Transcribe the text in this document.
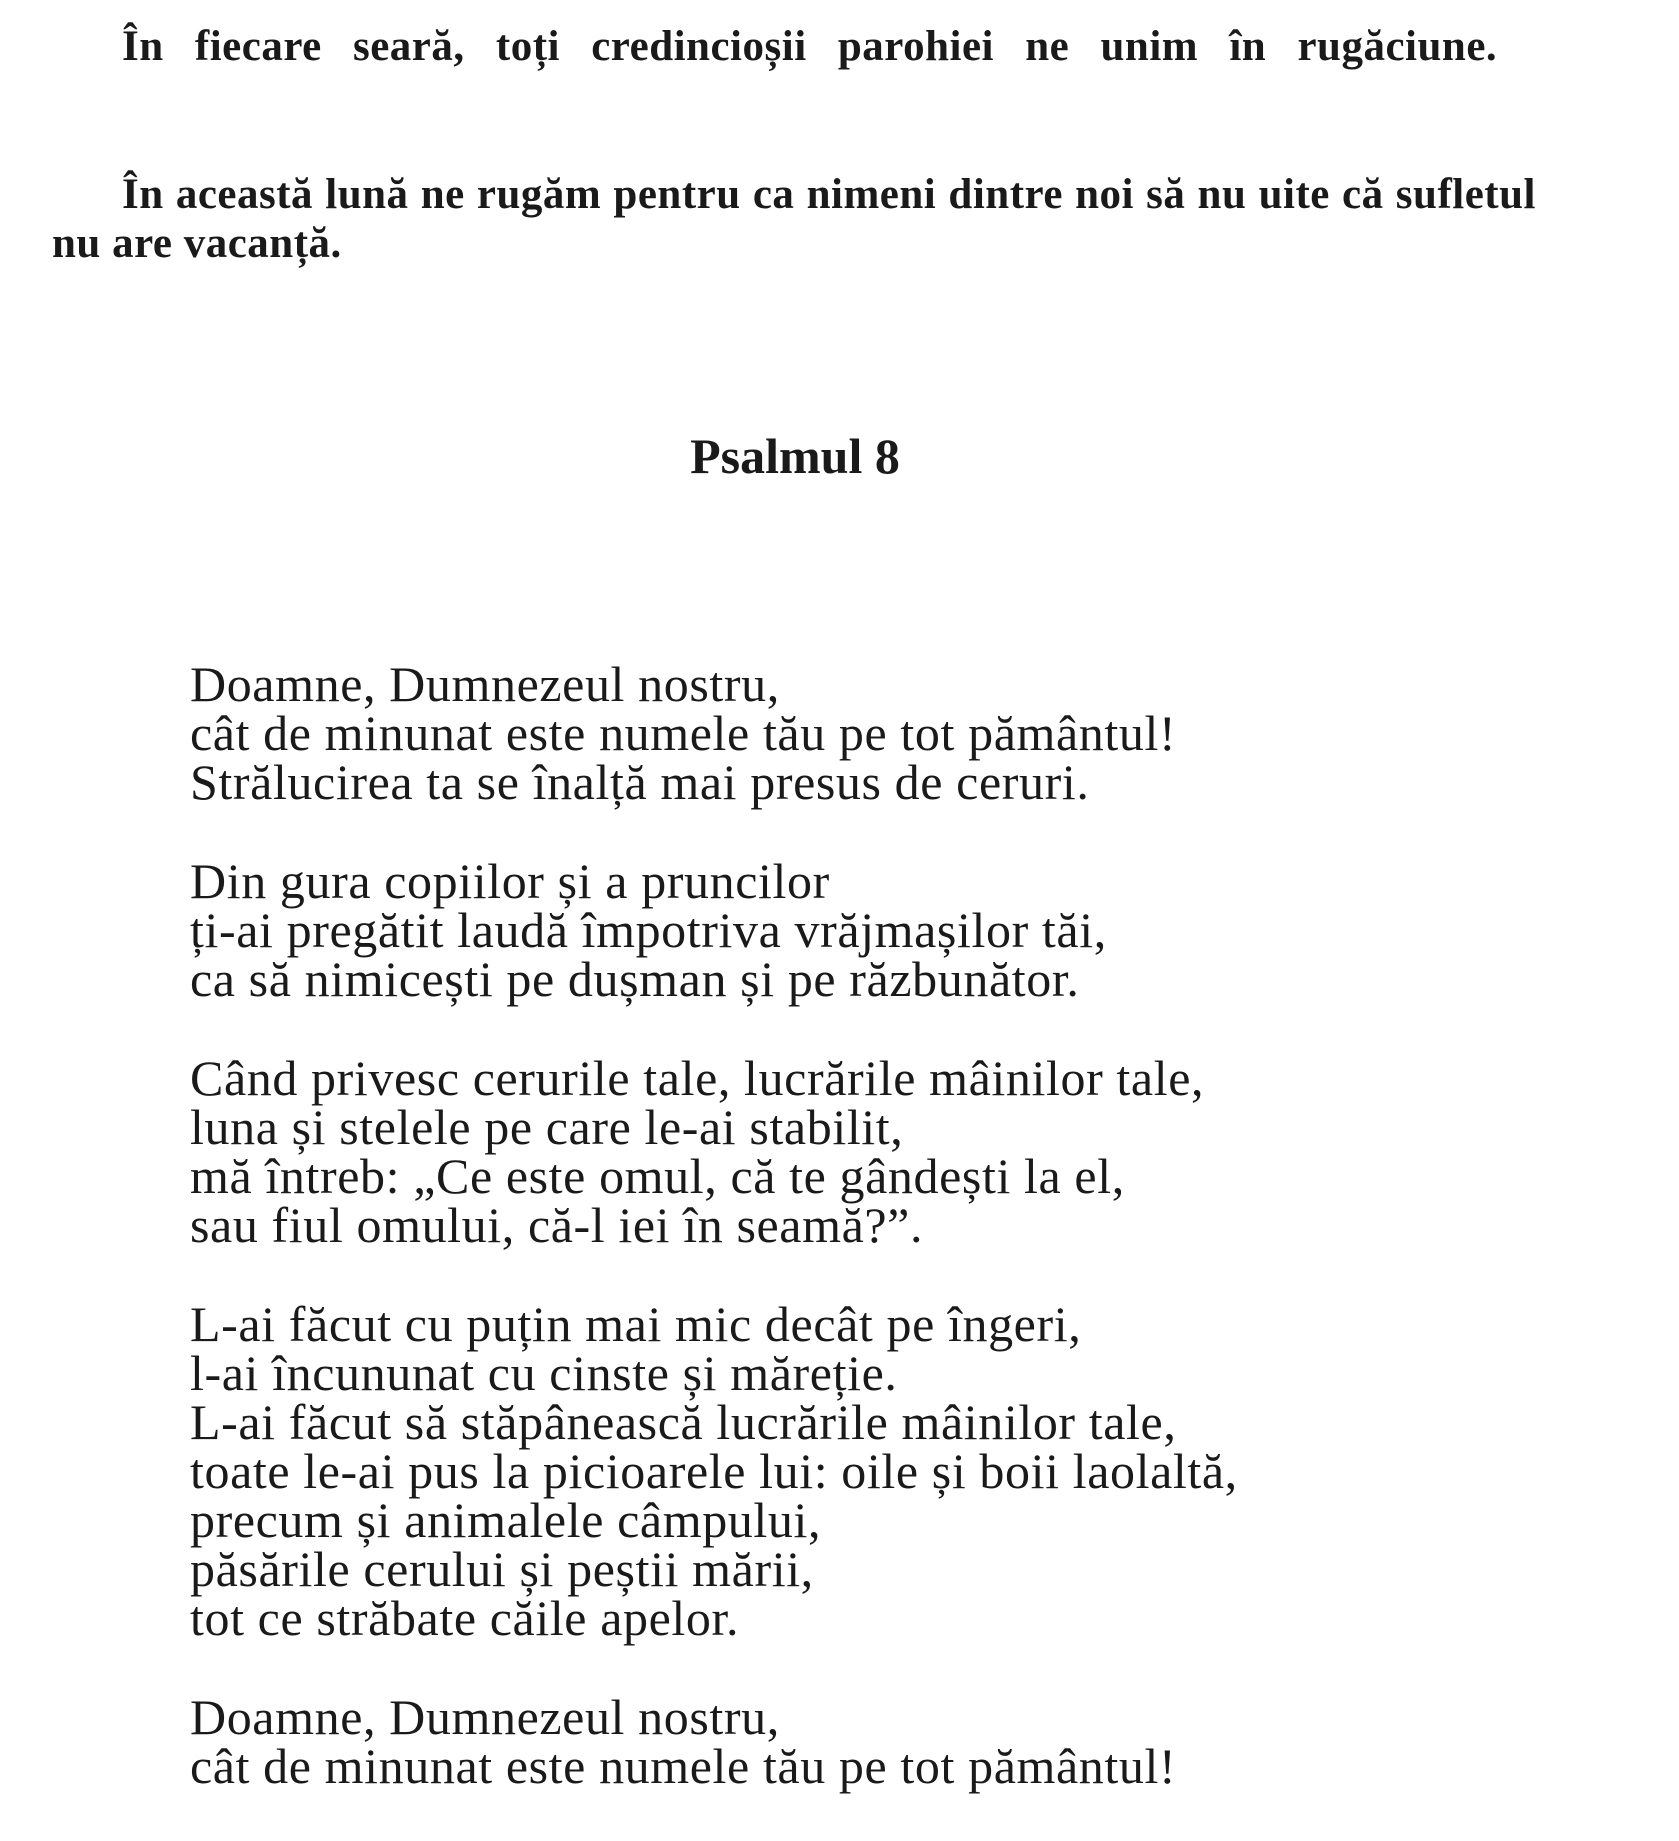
În fiecare seară, toți credincioșii parohiei ne unim în rugăciune.

În această lună ne rugăm pentru ca nimeni dintre noi să nu uite că sufletul nu are vacanță.

Psalmul 8
Doamne, Dumnezeul nostru,
cât de minunat este numele tău pe tot pământul!
Strălucirea ta se înalță mai presus de ceruri.
Din gura copiilor și a pruncilor
ți-ai pregătit laudă împotriva vrăjmașilor tăi,
ca să nimicești pe dușman și pe răzbunător.
Când privesc cerurile tale, lucrările mâinilor tale,
luna și stelele pe care le-ai stabilit,
mă întreb: „Ce este omul, că te gândești la el,
sau fiul omului, că-l iei în seamă?”.
L-ai făcut cu puțin mai mic decât pe îngeri,
l-ai încununat cu cinste și măreție.
L-ai făcut să stăpânească lucrările mâinilor tale,
toate le-ai pus la picioarele lui: oile și boii laolaltă,
precum și animalele câmpului,
păsările cerului și peștii mării,
tot ce străbate căile apelor.
Doamne, Dumnezeul nostru,
cât de minunat este numele tău pe tot pământul!
